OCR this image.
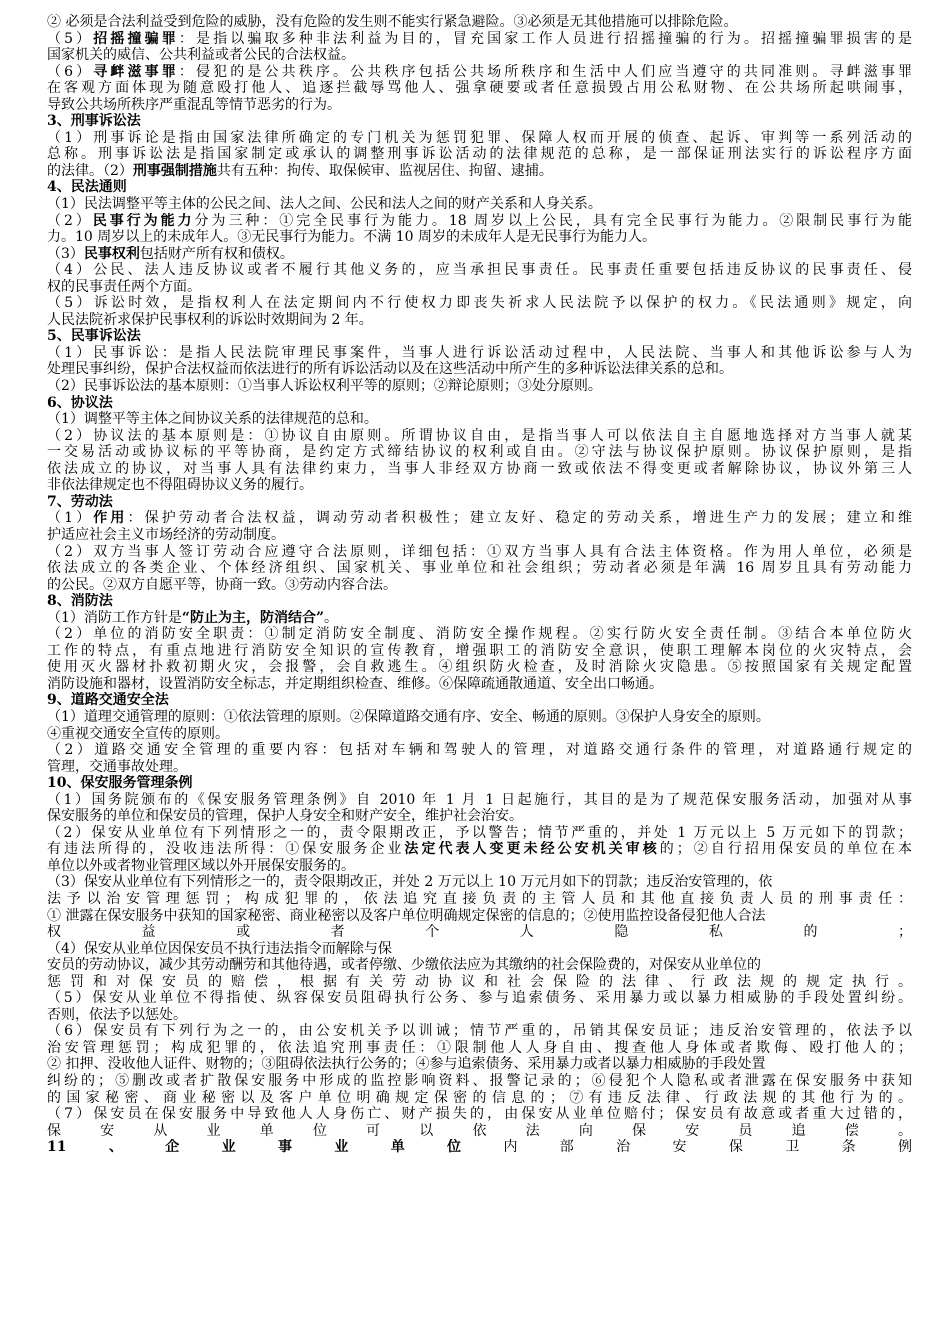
② 必须是合法利益受到危险的威胁，没有危险的发生则不能实行紧急避险。③必须是无其他措施可以排除危险。
（5）招摇撞骗罪：是指以骗取多种非法利益为目的，冒充国家工作人员进行招摇撞骗的行为。招摇撞骗罪损害的是
国家机关的威信、公共利益或者公民的合法权益。
（6）寻衅滋事罪：侵犯的是公共秩序。公共秩序包括公共场所秩序和生活中人们应当遵守的共同准则。寻衅滋事罪
在客观方面体现为随意殴打他人、追逐拦截辱骂他人、强拿硬要或者任意损毁占用公私财物、在公共场所起哄闹事，
导致公共场所秩序严重混乱等情节恶劣的行为。
3、刑事诉讼法
（1）刑事诉论是指由国家法律所确定的专门机关为惩罚犯罪、保障人权而开展的侦查、起诉、审判等一系列活动的
总称。刑事诉讼法是指国家制定或承认的调整刑事诉讼活动的法律规范的总称，是一部保证刑法实行的诉讼程序方面
的法律。（2）刑事强制措施共有五种：拘传、取保候审、监视居住、拘留、逮捕。
4、民法通则
（1）民法调整平等主体的公民之间、法人之间、公民和法人之间的财产关系和人身关系。
（2）民事行为能力分为三种：①完全民事行为能力。18 周岁以上公民，具有完全民事行为能力。②限制民事行为能
力。10 周岁以上的未成年人。③无民事行为能力。不满 10 周岁的未成年人是无民事行为能力人。
（3）民事权利包括财产所有权和债权。
（4）公民、法人违反协议或者不履行其他义务的，应当承担民事责任。民事责任重要包括违反协议的民事责任、侵
权的民事责任两个方面。
（5）诉讼时效，是指权利人在法定期间内不行使权力即丧失祈求人民法院予以保护的权力。《民法通则》规定，向
人民法院祈求保护民事权利的诉讼时效期间为 2 年。
5、民事诉讼法
（1）民事诉讼：是指人民法院审理民事案件，当事人进行诉讼活动过程中，人民法院、当事人和其他诉讼参与人为
处理民事纠纷，保护合法权益而依法进行的所有诉讼活动以及在这些活动中所产生的多种诉讼法律关系的总和。
（2）民事诉讼法的基本原则：①当事人诉讼权利平等的原则；②辩论原则；③处分原则。
6、协议法
（1）调整平等主体之间协议关系的法律规范的总和。
（2）协议法的基本原则是：①协议自由原则。所谓协议自由，是指当事人可以依法自主自愿地选择对方当事人就某
一交易活动或协议标的平等协商，是约定方式缔结协议的权利或自由。②守法与协议保护原则。协议保护原则，是指
依法成立的协议，对当事人具有法律约束力，当事人非经双方协商一致或依法不得变更或者解除协议，协议外第三人
非依法律规定也不得阻碍协议义务的履行。
7、劳动法
（1）作用：保护劳动者合法权益，调动劳动者积极性；建立友好、稳定的劳动关系，增进生产力的发展；建立和维
护适应社会主义市场经济的劳动制度。
（2）双方当事人签订劳动合应遵守合法原则，详细包括：①双方当事人具有合法主体资格。作为用人单位，必须是
依法成立的各类企业、个体经济组织、国家机关、事业单位和社会组织；劳动者必须是年满 16 周岁且具有劳动能力
的公民。②双方自愿平等，协商一致。③劳动内容合法。
8、消防法
（1）消防工作方针是“防止为主，防消结合”。
（2）单位的消防安全职责：①制定消防安全制度、消防安全操作规程。②实行防火安全责任制。③结合本单位防火
工作的特点，有重点地进行消防安全知识的宣传教育，增强职工的消防安全意识，使职工理解本岗位的火灾特点，会
使用灭火器材扑救初期火灾，会报警，会自救逃生。④组织防火检查，及时消除火灾隐患。⑤按照国家有关规定配置
消防设施和器材，设置消防安全标志，并定期组织检查、维修。⑥保障疏通散通道、安全出口畅通。
9、道路交通安全法
（1）道理交通管理的原则：①依法管理的原则。②保障道路交通有序、安全、畅通的原则。③保护人身安全的原则。
④重视交通安全宣传的原则。
（2）道路交通安全管理的重要内容：包括对车辆和驾驶人的管理，对道路交通行条件的管理，对道路通行规定的
管理，交通事故处理。
10、保安服务管理条例
（1）国务院颁布的《保安服务管理条例》自 2010 年 1 月 1 日起施行，其目的是为了规范保安服务活动，加强对从事
保安服务的单位和保安员的管理，保护人身安全和财产安全，维护社会治安。
（2）保安从业单位有下列情形之一的，责令限期改正，予以警告；情节严重的，并处 1 万元以上 5 万元如下的罚款；
有违法所得的，没收违法所得：①保安服务企业法定代表人变更未经公安机关审核的；②自行招用保安员的单位在本
单位以外或者物业管理区域以外开展保安服务的。
（3）保安从业单位有下列情形之一的，责令限期改正，并处 2 万元以上 10 万元月如下的罚款；违反治安管理的，依
法予以治安管理惩罚；构成犯罪的，依法追究直接负责的主管人员和其他直接负责人员的刑事责任：
① 泄露在保安服务中获知的国家秘密、商业秘密以及客户单位明确规定保密的信息的；②使用监控设备侵犯他人合法
权益或者个人隐私的；
（4）保安从业单位因保安员不执行违法指令而解除与保
安员的劳动协议，减少其劳动酬劳和其他待遇，或者停缴、少缴依法应为其缴纳的社会保险费的，对保安从业单位的
惩罚和对保安员的赔偿，根据有关劳动协议和社会保险的法律、行政法规的规定执行。
（5）保安从业单位不得指使、纵容保安员阻碍执行公务、参与追索债务、采用暴力或以暴力相威胁的手段处置纠纷。
否则，依法予以惩处。
（6）保安员有下列行为之一的，由公安机关予以训诫；情节严重的，吊销其保安员证；违反治安管理的，依法予以
治安管理惩罚；构成犯罪的，依法追究刑事责任：①限制他人人身自由、搜查他人身体或者欺侮、殴打他人的；
② 扣押、没收他人证件、财物的；③阻碍依法执行公务的；④参与追索债务、采用暴力或者以暴力相威胁的手段处置
纠纷的；⑤删改或者扩散保安服务中形成的监控影响资料、报警记录的；⑥侵犯个人隐私或者泄露在保安服务中获知
的国家秘密、商业秘密以及客户单位明确规定保密的信息的；⑦有违反法律、行政法规的其他行为的。
（7）保安员在保安服务中导致他人人身伤亡、财产损失的，由保安从业单位赔付；保安员有故意或者重大过错的，
保安从业单位可以依法向保安员追偿。
11、企业事业单位内部治安保卫条例
